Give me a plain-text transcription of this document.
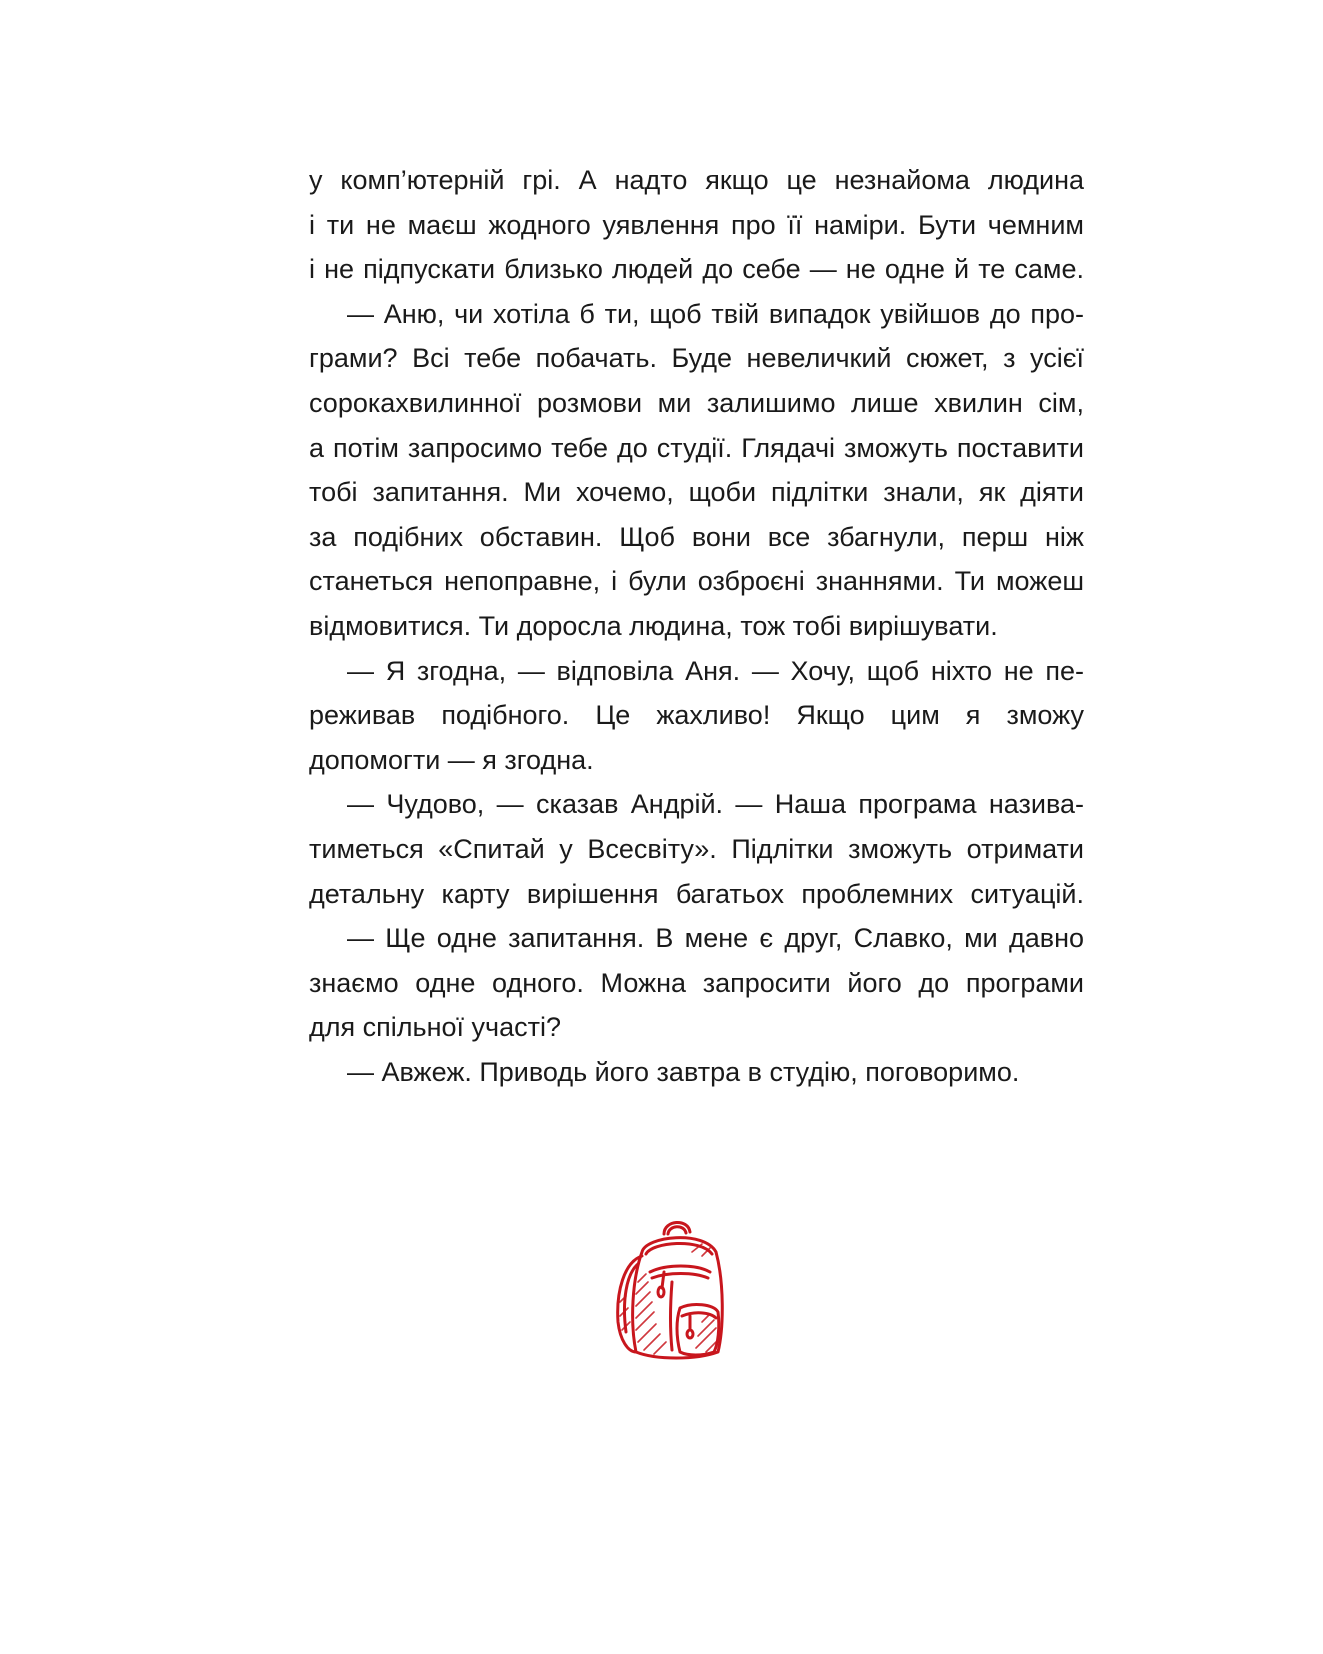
у комп’ютерній грі. А надто якщо це незнайома людина
і ти не маєш жодного уявлення про її наміри. Бути чемним
і не підпускати близько людей до себе — не одне й те саме.

— Аню, чи хотіла б ти, щоб твій випадок увійшов до про-
грами? Всі тебе побачать. Буде невеличкий сюжет, з усієї
сорокахвилинної розмови ми залишимо лише хвилин сім,
а потім запросимо тебе до студії. Глядачі зможуть поставити
тобі запитання. Ми хочемо, щоби підлітки знали, як діяти
за подібних обставин. Щоб вони все збагнули, перш ніж
станеться непоправне, і були озброєні знаннями. Ти можеш
відмовитися. Ти доросла людина, тож тобі вирішувати.

— Я згодна, — відповіла Аня. — Хочу, щоб ніхто не пе-
реживав подібного. Це жахливо! Якщо цим я зможу
допомогти — я згодна.

— Чудово, — сказав Андрій. — Наша програма назива-
тиметься «Спитай у Всесвіту». Підлітки зможуть отримати
детальну карту вирішення багатьох проблемних ситуацій.

— Ще одне запитання. В мене є друг, Славко, ми давно
знаємо одне одного. Можна запросити його до програми
для спільної участі?

— Авжеж. Приводь його завтра в студію, поговоримо.
